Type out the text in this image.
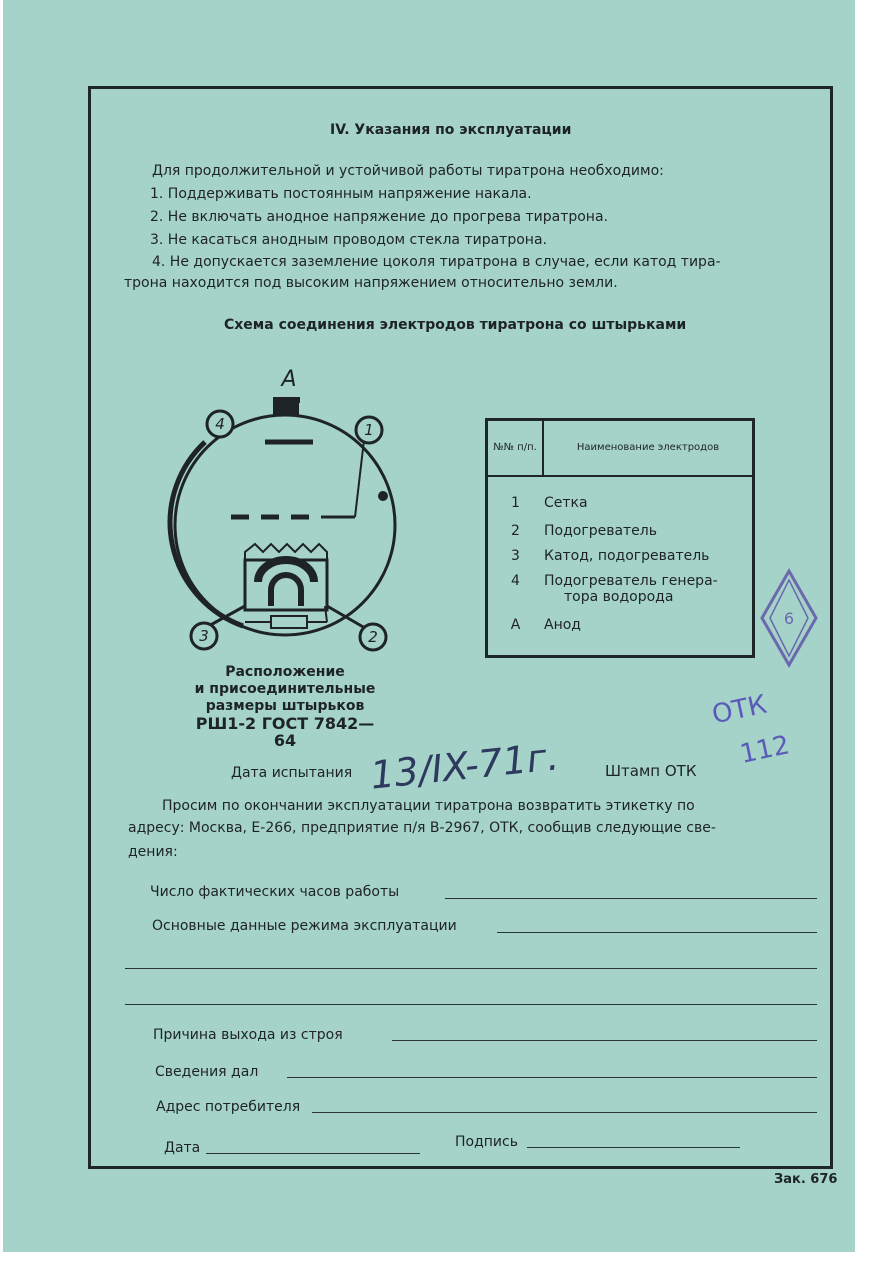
IV. Указания по эксплуатации
Для продолжительной и устойчивой работы тиратрона необходимо:
1. Поддерживать постоянным напряжение накала.
2. Не включать анодное напряжение до прогрева тиратрона.
3. Не касаться анодным проводом стекла тиратрона.
4. Не допускается заземление цоколя тиратрона в случае, если катод тира-
трона находится под высоким напряжением относительно земли.
Схема соединения электродов тиратрона со штырьками
4	1
3	2
А
Расположение
и присоединительные
размеры штырьков
РШ1-2 ГОСТ 7842—64
№№ п/п.	Наименование электродов
1	Сетка
2	Подогреватель
3	Катод, подогреватель
4	Подогреватель генера-
тора водорода

А	Анод	6
ОТК
112
Дата испытания 13/IX-71г.	Штамп ОТК
Просим по окончании эксплуатации тиратрона возвратить этикетку по
адресу: Москва, Е-266, предприятие п/я В-2967, ОТК, сообщив следующие све-
дения:
Число фактических часов работы
Основные данные режима эксплуатации
Причина выхода из строя
Сведения дал
Адрес потребителя
Дата	Подпись
Зак. 676
